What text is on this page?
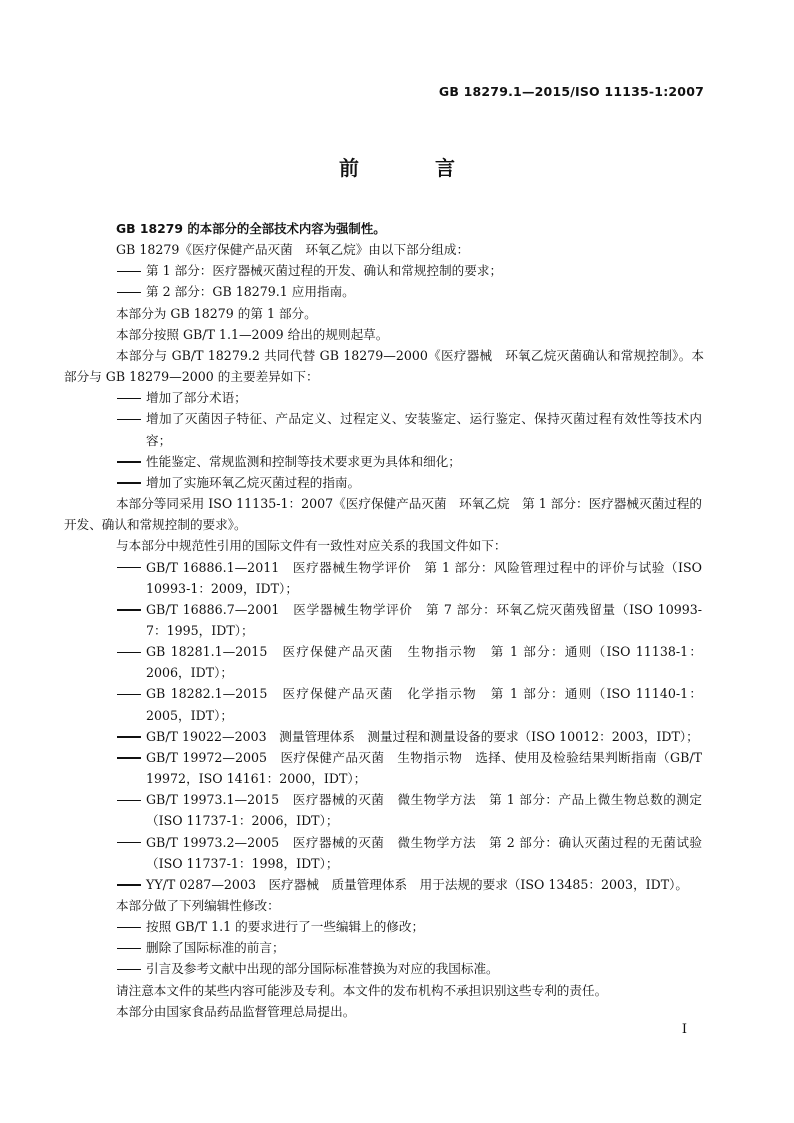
GB 18279.1—2015/ISO 11135-1:2007
前　言
GB 18279 的本部分的全部技术内容为强制性。
GB 18279《医疗保健产品灭菌　环氧乙烷》由以下部分组成：
第 1 部分：医疗器械灭菌过程的开发、确认和常规控制的要求；
第 2 部分：GB 18279.1 应用指南。
本部分为 GB 18279 的第 1 部分。
本部分按照 GB/T 1.1—2009 给出的规则起草。
本部分与 GB/T 18279.2 共同代替 GB 18279—2000《医疗器械　环氧乙烷灭菌确认和常规控制》。本部分与 GB 18279—2000 的主要差异如下：
增加了部分术语；
增加了灭菌因子特征、产品定义、过程定义、安装鉴定、运行鉴定、保持灭菌过程有效性等技术内容；
性能鉴定、常规监测和控制等技术要求更为具体和细化；
增加了实施环氧乙烷灭菌过程的指南。
本部分等同采用 ISO 11135-1：2007《医疗保健产品灭菌　环氧乙烷　第 1 部分：医疗器械灭菌过程的开发、确认和常规控制的要求》。
与本部分中规范性引用的国际文件有一致性对应关系的我国文件如下：
GB/T 16886.1—2011　医疗器械生物学评价　第 1 部分：风险管理过程中的评价与试验（ISO 10993-1：2009，IDT）；
GB/T 16886.7—2001　医学器械生物学评价　第 7 部分：环氧乙烷灭菌残留量（ISO 10993-7：1995，IDT）；
GB 18281.1—2015　医疗保健产品灭菌　生物指示物　第 1 部分：通则（ISO 11138-1：2006，IDT）；
GB 18282.1—2015　医疗保健产品灭菌　化学指示物　第 1 部分：通则（ISO 11140-1：2005，IDT）；
GB/T 19022—2003　测量管理体系　测量过程和测量设备的要求（ISO 10012：2003，IDT）；
GB/T 19972—2005　医疗保健产品灭菌　生物指示物　选择、使用及检验结果判断指南（GB/T 19972，ISO 14161：2000，IDT）；
GB/T 19973.1—2015　医疗器械的灭菌　微生物学方法　第 1 部分：产品上微生物总数的测定（ISO 11737-1：2006，IDT）；
GB/T 19973.2—2005　医疗器械的灭菌　微生物学方法　第 2 部分：确认灭菌过程的无菌试验（ISO 11737-1：1998，IDT）；
YY/T 0287—2003　医疗器械　质量管理体系　用于法规的要求（ISO 13485：2003，IDT）。
本部分做了下列编辑性修改：
按照 GB/T 1.1 的要求进行了一些编辑上的修改；
删除了国际标准的前言；
引言及参考文献中出现的部分国际标准替换为对应的我国标准。
请注意本文件的某些内容可能涉及专利。本文件的发布机构不承担识别这些专利的责任。
本部分由国家食品药品监督管理总局提出。
I
